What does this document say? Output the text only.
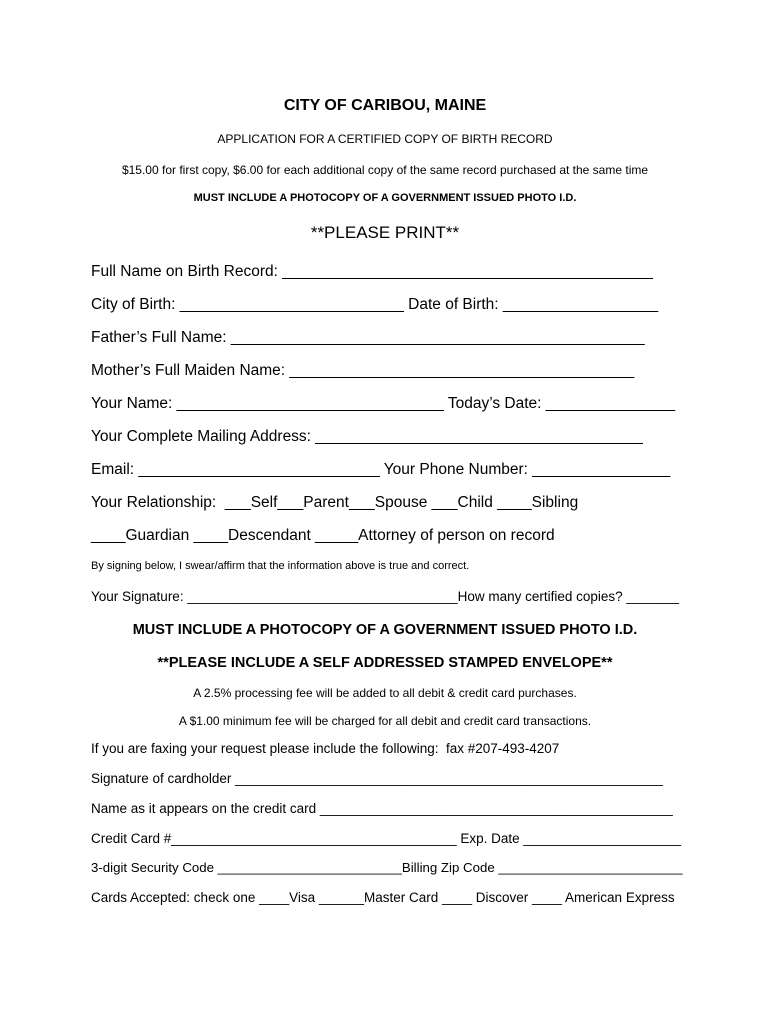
CITY OF CARIBOU, MAINE
APPLICATION FOR A CERTIFIED COPY OF BIRTH RECORD
$15.00 for first copy, $6.00 for each additional copy of the same record purchased at the same time
MUST INCLUDE A PHOTOCOPY OF A GOVERNMENT ISSUED PHOTO I.D.
**PLEASE PRINT**
Full Name on Birth Record: ___________________________________________
City of Birth: __________________________ Date of Birth: __________________
Father’s Full Name: ________________________________________________
Mother’s Full Maiden Name: ________________________________________
Your Name: _______________________________ Today’s Date: _______________
Your Complete Mailing Address: ______________________________________
Email: ____________________________ Your Phone Number: ________________
Your Relationship:  ___Self___Parent___Spouse ___Child ____Sibling
____Guardian ____Descendant _____Attorney of person on record
By signing below, I swear/affirm that the information above is true and correct.
Your Signature: ____________________________________How many certified copies? _______
MUST INCLUDE A PHOTOCOPY OF A GOVERNMENT ISSUED PHOTO I.D.
**PLEASE INCLUDE A SELF ADDRESSED STAMPED ENVELOPE**
A 2.5% processing fee will be added to all debit & credit card purchases.
A $1.00 minimum fee will be charged for all debit and credit card transactions.
If you are faxing your request please include the following:  fax #207-493-4207
Signature of cardholder _________________________________________________________
Name as it appears on the credit card _______________________________________________
Credit Card #______________________________________ Exp. Date _____________________
3-digit Security Code _________________________Billing Zip Code _________________________
Cards Accepted: check one ____Visa ______Master Card ____ Discover ____ American Express
